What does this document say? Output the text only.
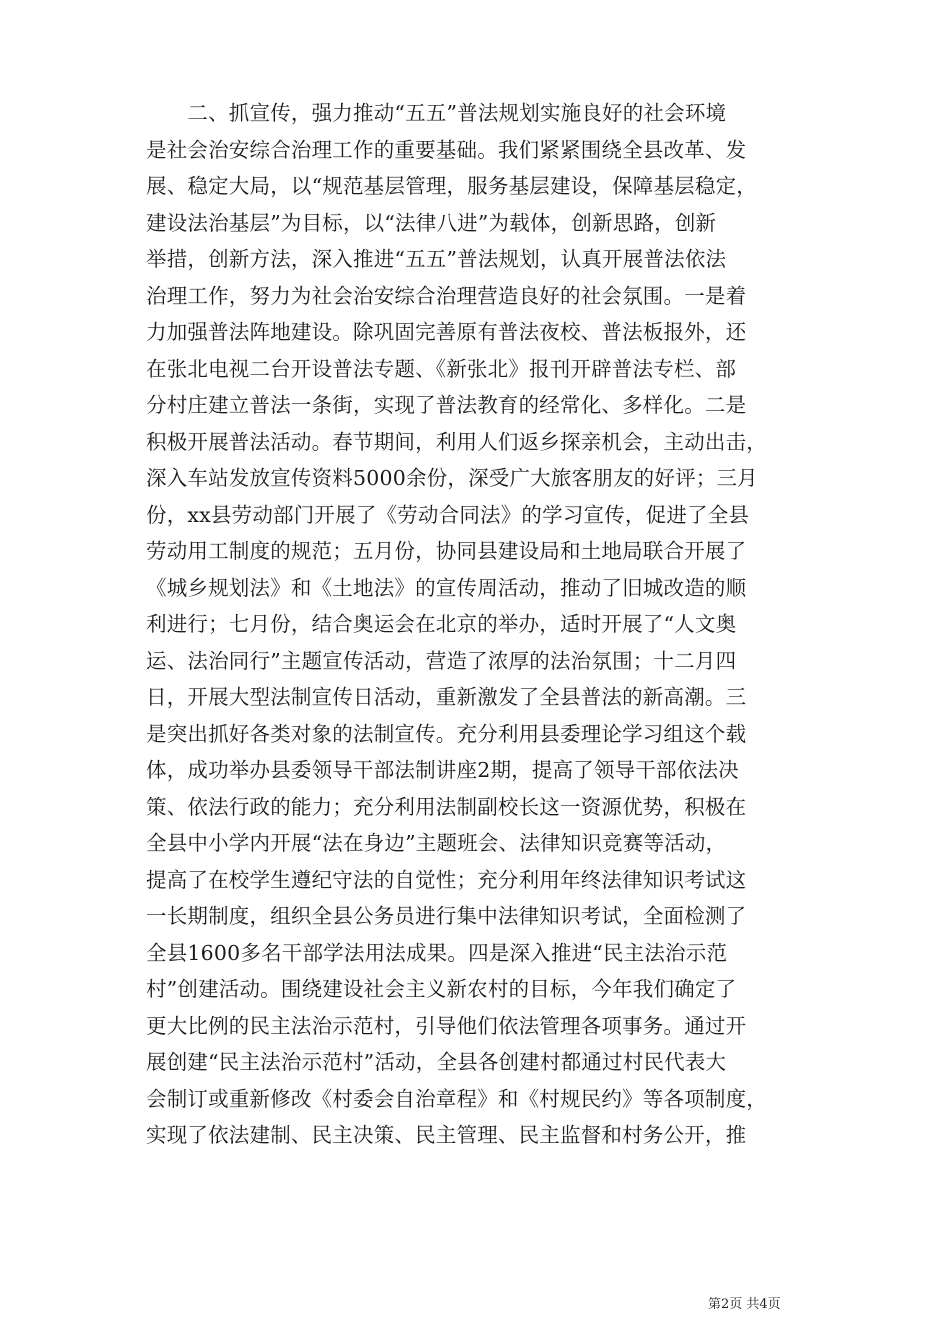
　　二、抓宣传，强力推动“五五”普法规划实施良好的社会环境
是社会治安综合治理工作的重要基础。我们紧紧围绕全县改革、发
展、稳定大局，以“规范基层管理，服务基层建设，保障基层稳定，
建设法治基层”为目标，以“法律八进”为载体，创新思路，创新
举措，创新方法，深入推进“五五”普法规划，认真开展普法依法
治理工作，努力为社会治安综合治理营造良好的社会氛围。一是着
力加强普法阵地建设。除巩固完善原有普法夜校、普法板报外，还
在张北电视二台开设普法专题、《新张北》报刊开辟普法专栏、部
分村庄建立普法一条街，实现了普法教育的经常化、多样化。二是
积极开展普法活动。春节期间，利用人们返乡探亲机会，主动出击，
深入车站发放宣传资料5000余份，深受广大旅客朋友的好评；三月
份，xx县劳动部门开展了《劳动合同法》的学习宣传，促进了全县
劳动用工制度的规范；五月份，协同县建设局和土地局联合开展了
《城乡规划法》和《土地法》的宣传周活动，推动了旧城改造的顺
利进行；七月份，结合奥运会在北京的举办，适时开展了“人文奥
运、法治同行”主题宣传活动，营造了浓厚的法治氛围；十二月四
日，开展大型法制宣传日活动，重新激发了全县普法的新高潮。三
是突出抓好各类对象的法制宣传。充分利用县委理论学习组这个载
体，成功举办县委领导干部法制讲座2期，提高了领导干部依法决
策、依法行政的能力；充分利用法制副校长这一资源优势，积极在
全县中小学内开展“法在身边”主题班会、法律知识竞赛等活动，
提高了在校学生遵纪守法的自觉性；充分利用年终法律知识考试这
一长期制度，组织全县公务员进行集中法律知识考试，全面检测了
全县1600多名干部学法用法成果。四是深入推进“民主法治示范
村”创建活动。围绕建设社会主义新农村的目标，今年我们确定了
更大比例的民主法治示范村，引导他们依法管理各项事务。通过开
展创建“民主法治示范村”活动，全县各创建村都通过村民代表大
会制订或重新修改《村委会自治章程》和《村规民约》等各项制度，
实现了依法建制、民主决策、民主管理、民主监督和村务公开，推
第2页 共4页
